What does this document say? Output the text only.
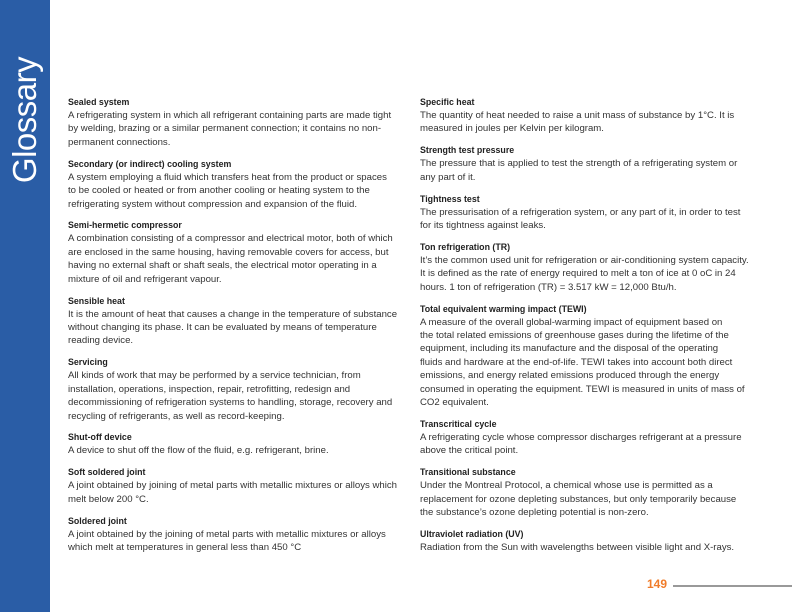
Glossary	Sealed system
A refrigerating system in which all refrigerant containing parts are made tight
by welding, brazing or a similar permanent connection; it contains no non-
permanent connections.
Secondary (or indirect) cooling system
A system employing a fluid which transfers heat from the product or spaces
to be cooled or heated or from another cooling or heating system to the
refrigerating system without compression and expansion of the fluid.
Semi-hermetic compressor
A combination consisting of a compressor and electrical motor, both of which
are enclosed in the same housing, having removable covers for access, but
having no external shaft or shaft seals, the electrical motor operating in a
mixture of oil and refrigerant vapour.
Sensible heat
It is the amount of heat that causes a change in the temperature of substance
without changing its phase. It can be evaluated by means of temperature
reading device.
Servicing
All kinds of work that may be performed by a service technician, from
installation, operations, inspection, repair, retrofitting, redesign and
decommissioning of refrigeration systems to handling, storage, recovery and
recycling of refrigerants, as well as record-keeping.
Shut-off device
A device to shut off the flow of the fluid, e.g. refrigerant, brine.
Soft soldered joint
A joint obtained by joining of metal parts with metallic mixtures or alloys which
melt below 200 °C.
Soldered joint
A joint obtained by the joining of metal parts with metallic mixtures or alloys
which melt at temperatures in general less than 450 °C
Specific heat
The quantity of heat needed to raise a unit mass of substance by 1°C. It is
measured in joules per Kelvin per kilogram.
Strength test pressure
The pressure that is applied to test the strength of a refrigerating system or
any part of it.
Tightness test
The pressurisation of a refrigeration system, or any part of it, in order to test
for its tightness against leaks.
Ton refrigeration (TR)
It’s the common used unit for refrigeration or air-conditioning system capacity.
It is defined as the rate of energy required to melt a ton of ice at 0 oC in 24
hours. 1 ton of refrigeration (TR) = 3.517 kW = 12,000 Btu/h.
Total equivalent warming impact (TEWI)
A measure of the overall global-warming impact of equipment based on
the total related emissions of greenhouse gases during the lifetime of the
equipment, including its manufacture and the disposal of the operating
fluids and hardware at the end-of-life. TEWI takes into account both direct
emissions, and energy related emissions produced through the energy
consumed in operating the equipment. TEWI is measured in units of mass of
CO2 equivalent.
Transcritical cycle
A refrigerating cycle whose compressor discharges refrigerant at a pressure
above the critical point.
Transitional substance
Under the Montreal Protocol, a chemical whose use is permitted as a
replacement for ozone depleting substances, but only temporarily because
the substance’s ozone depleting potential is non-zero.
Ultraviolet radiation (UV)
Radiation from the Sun with wavelengths between visible light and X-rays.
149
